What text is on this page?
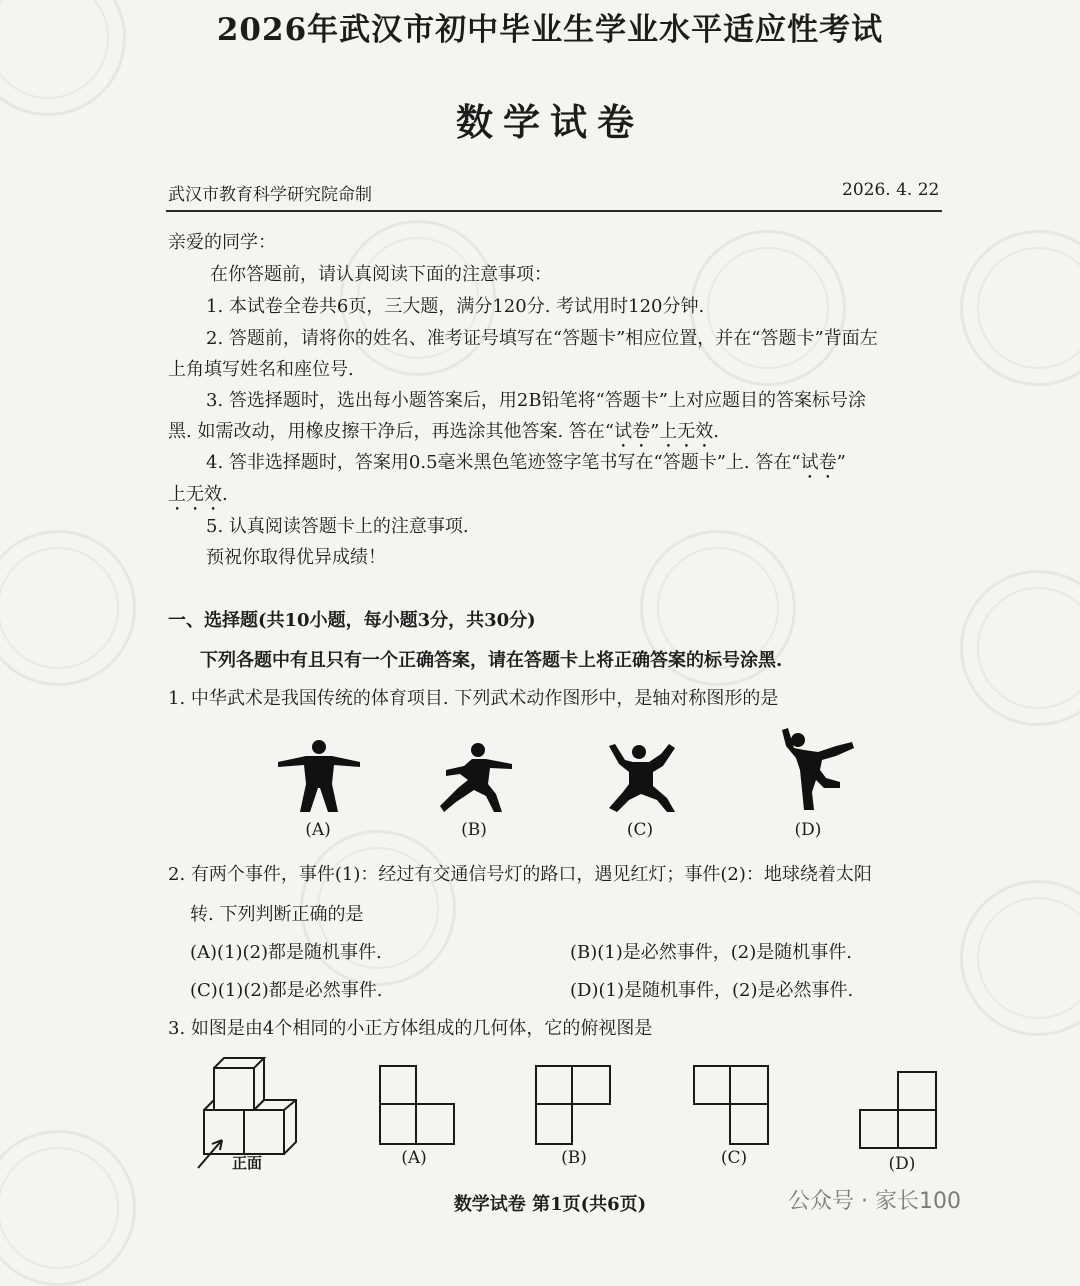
2026年武汉市初中毕业生学业水平适应性考试
数学试卷
武汉市教育科学研究院命制	2026. 4. 22
亲爱的同学：
在你答题前，请认真阅读下面的注意事项：
1. 本试卷全卷共6页，三大题，满分120分. 考试用时120分钟.
2. 答题前，请将你的姓名、准考证号填写在“答题卡”相应位置，并在“答题卡”背面左
上角填写姓名和座位号.
3. 答选择题时，选出每小题答案后，用2B铅笔将“答题卡”上对应题目的答案标号涂
黑. 如需改动，用橡皮擦干净后，再选涂其他答案. 答在“试卷”上无效.
4. 答非选择题时，答案用0.5毫米黑色笔迹签字笔书写在“答题卡”上. 答在“试卷”
上无效.
5. 认真阅读答题卡上的注意事项.
预祝你取得优异成绩！
一、选择题(共10小题，每小题3分，共30分)
下列各题中有且只有一个正确答案，请在答题卡上将正确答案的标号涂黑.
1. 中华武术是我国传统的体育项目. 下列武术动作图形中，是轴对称图形的是
(A)	(B)	(C)	(D)
2. 有两个事件，事件(1)：经过有交通信号灯的路口，遇见红灯；事件(2)：地球绕着太阳
转. 下列判断正确的是
(A)(1)(2)都是随机事件.	(B)(1)是必然事件，(2)是随机事件.
(C)(1)(2)都是必然事件.	(D)(1)是随机事件，(2)是必然事件.
3. 如图是由4个相同的小正方体组成的几何体，它的俯视图是
正面	(A)	(B)	(C)	(D)
数学试卷 第1页(共6页)	公众号 · 家长100
